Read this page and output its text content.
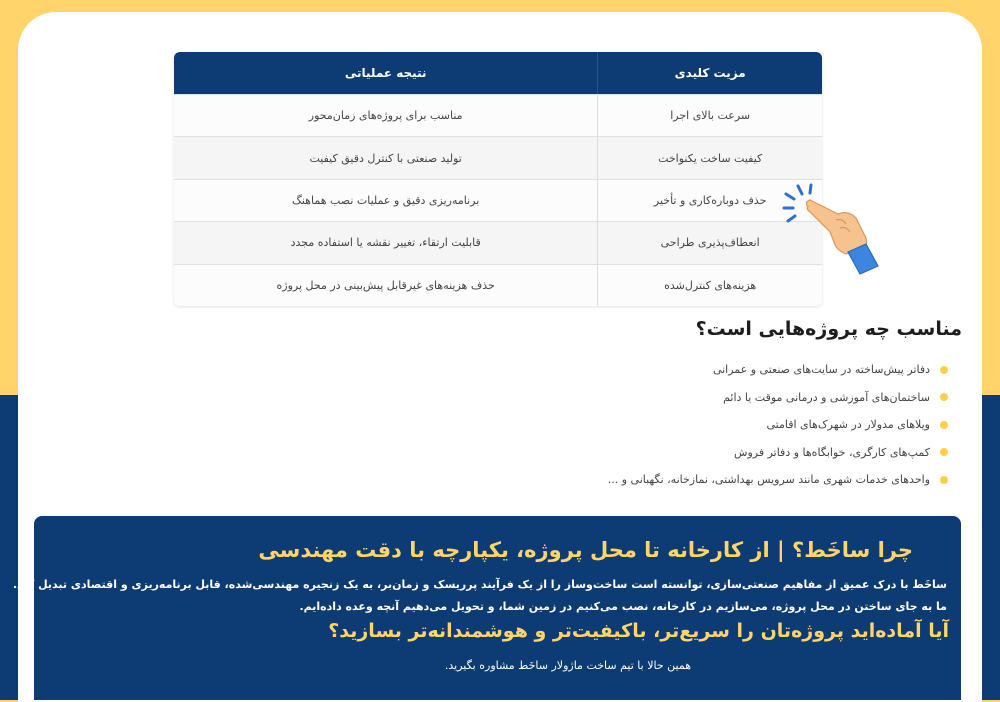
مزیت کلیدی
نتیجه عملیاتی
سرعت بالای اجرا
مناسب برای پروژه‌های زمان‌محور
کیفیت ساخت یکنواخت
تولید صنعتی با کنترل دقیق کیفیت
حذف دوباره‌کاری و تأخیر
برنامه‌ریزی دقیق و عملیات نصب هماهنگ
انعطاف‌پذیری طراحی
قابلیت ارتقاء، تغییر نقشه یا استفاده مجدد
هزینه‌های کنترل‌شده
حذف هزینه‌های غیرقابل پیش‌بینی در محل پروژه
مناسب چه پروژه‌هایی است؟
دفاتر پیش‌ساخته در سایت‌های صنعتی و عمرانی
ساختمان‌های آموزشی و درمانی موقت یا دائم
ویلاهای مدولار در شهرک‌های اقامتی
کمپ‌های کارگری، خوابگاه‌ها و دفاتر فروش
واحدهای خدمات شهری مانند سرویس بهداشتی، نمازخانه، نگهبانی و ...
چرا ساخَط؟ | از کارخانه تا محل پروژه، یکپارچه با دقت مهندسی
ساخَط با درک عمیق از مفاهیم صنعتی‌سازی، توانسته است ساخت‌وساز را از یک فرآیند پرریسک و زمان‌بر، به یک زنجیره مهندسی‌شده، قابل برنامه‌ریزی و اقتصادی تبدیل کند.
ما به جای ساختن در محل پروژه، می‌سازیم در کارخانه، نصب می‌کنیم در زمین شما، و تحویل می‌دهیم آنچه وعده داده‌ایم.
آیا آماده‌اید پروژه‌تان را سریع‌تر، باکیفیت‌تر و هوشمندانه‌تر بسازید؟
همین حالا با تیم ساخت ماژولار ساخَط مشاوره بگیرید.
